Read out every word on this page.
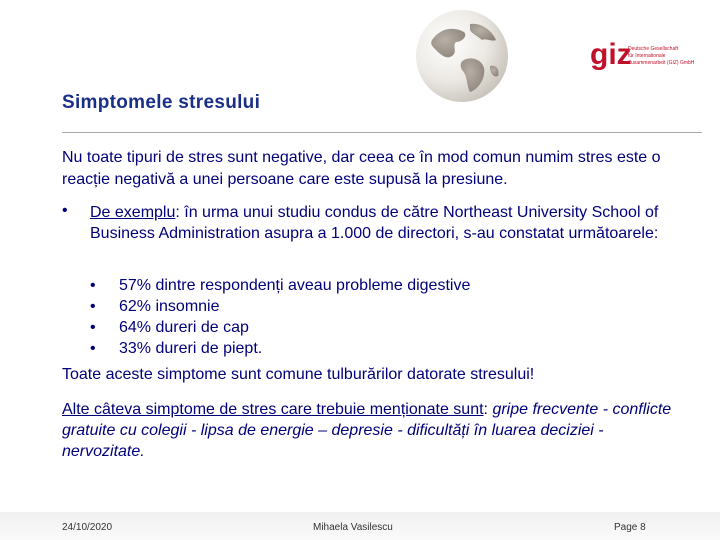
giz
Deutsche Gesellschaft
für Internationale
Zusammenarbeit (GIZ) GmbH
Simptomele stresului
Nu toate tipuri de stres sunt negative, dar ceea ce în mod comun numim stres este o reacție negativă a unei persoane care este supusă la presiune.
• De exemplu: în urma unui studiu condus de către Northeast University School of Business Administration asupra a 1.000 de directori, s-au constatat următoarele:
•	57% dintre respondenți aveau probleme digestive
•	62% insomnie
•	64% dureri de cap
•	33% dureri de piept.
Toate aceste simptome sunt comune tulburărilor datorate stresului!
Alte câteva simptome de stres care trebuie menționate sunt: gripe frecvente - conflicte gratuite cu colegii - lipsa de energie – depresie - dificultăți în luarea deciziei - nervozitate.
24/10/2020	Mihaela Vasilescu	Page 8
